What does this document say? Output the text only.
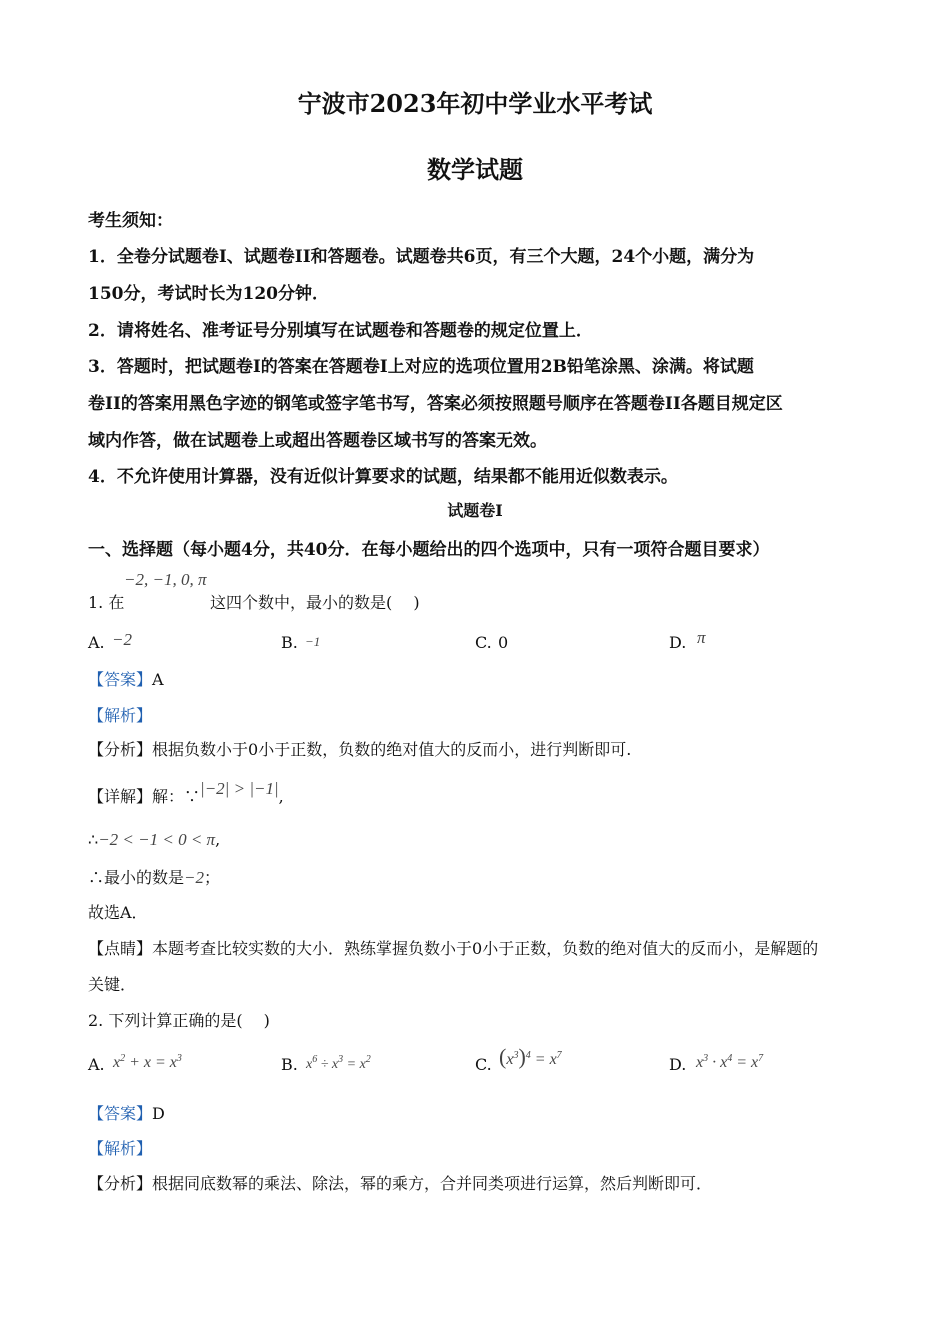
宁波市2023年初中学业水平考试
数学试题
考生须知：
1．全卷分试题卷I、试题卷II和答题卷。试题卷共6页，有三个大题，24个小题，满分为
150分，考试时长为120分钟．
2．请将姓名、准考证号分别填写在试题卷和答题卷的规定位置上．
3．答题时，把试题卷I的答案在答题卷I上对应的选项位置用2B铅笔涂黑、涂满。将试题
卷II的答案用黑色字迹的钢笔或签字笔书写，答案必须按照题号顺序在答题卷II各题目规定区
域内作答，做在试题卷上或超出答题卷区域书写的答案无效。
4．不允许使用计算器，没有近似计算要求的试题，结果都不能用近似数表示。
试题卷I
一、选择题（每小题4分，共40分．在每小题给出的四个选项中，只有一项符合题目要求）
−2, −1, 0, π
1. 在	这四个数中，最小的数是(　 )
A. −2	B. −1	C. 0	D. π
【答案】A
【解析】
【分析】根据负数小于0小于正数，负数的绝对值大的反而小，进行判断即可.
【详解】解：∵|−2| > |−1|,
∴−2 < −1 < 0 < π,
∴最小的数是−2；
故选A．
【点睛】本题考查比较实数的大小．熟练掌握负数小于0小于正数，负数的绝对值大的反而小，是解题的
关键．
2. 下列计算正确的是(　 )
A. $x^2 + x = x^3$	B. $x^6 \div x^3 = x^2$	C. $(x^3)^4 = x^7$	D. $x^3 \cdot x^4 = x^7$
【答案】D
【解析】
【分析】根据同底数幂的乘法、除法，幂的乘方，合并同类项进行运算，然后判断即可．
